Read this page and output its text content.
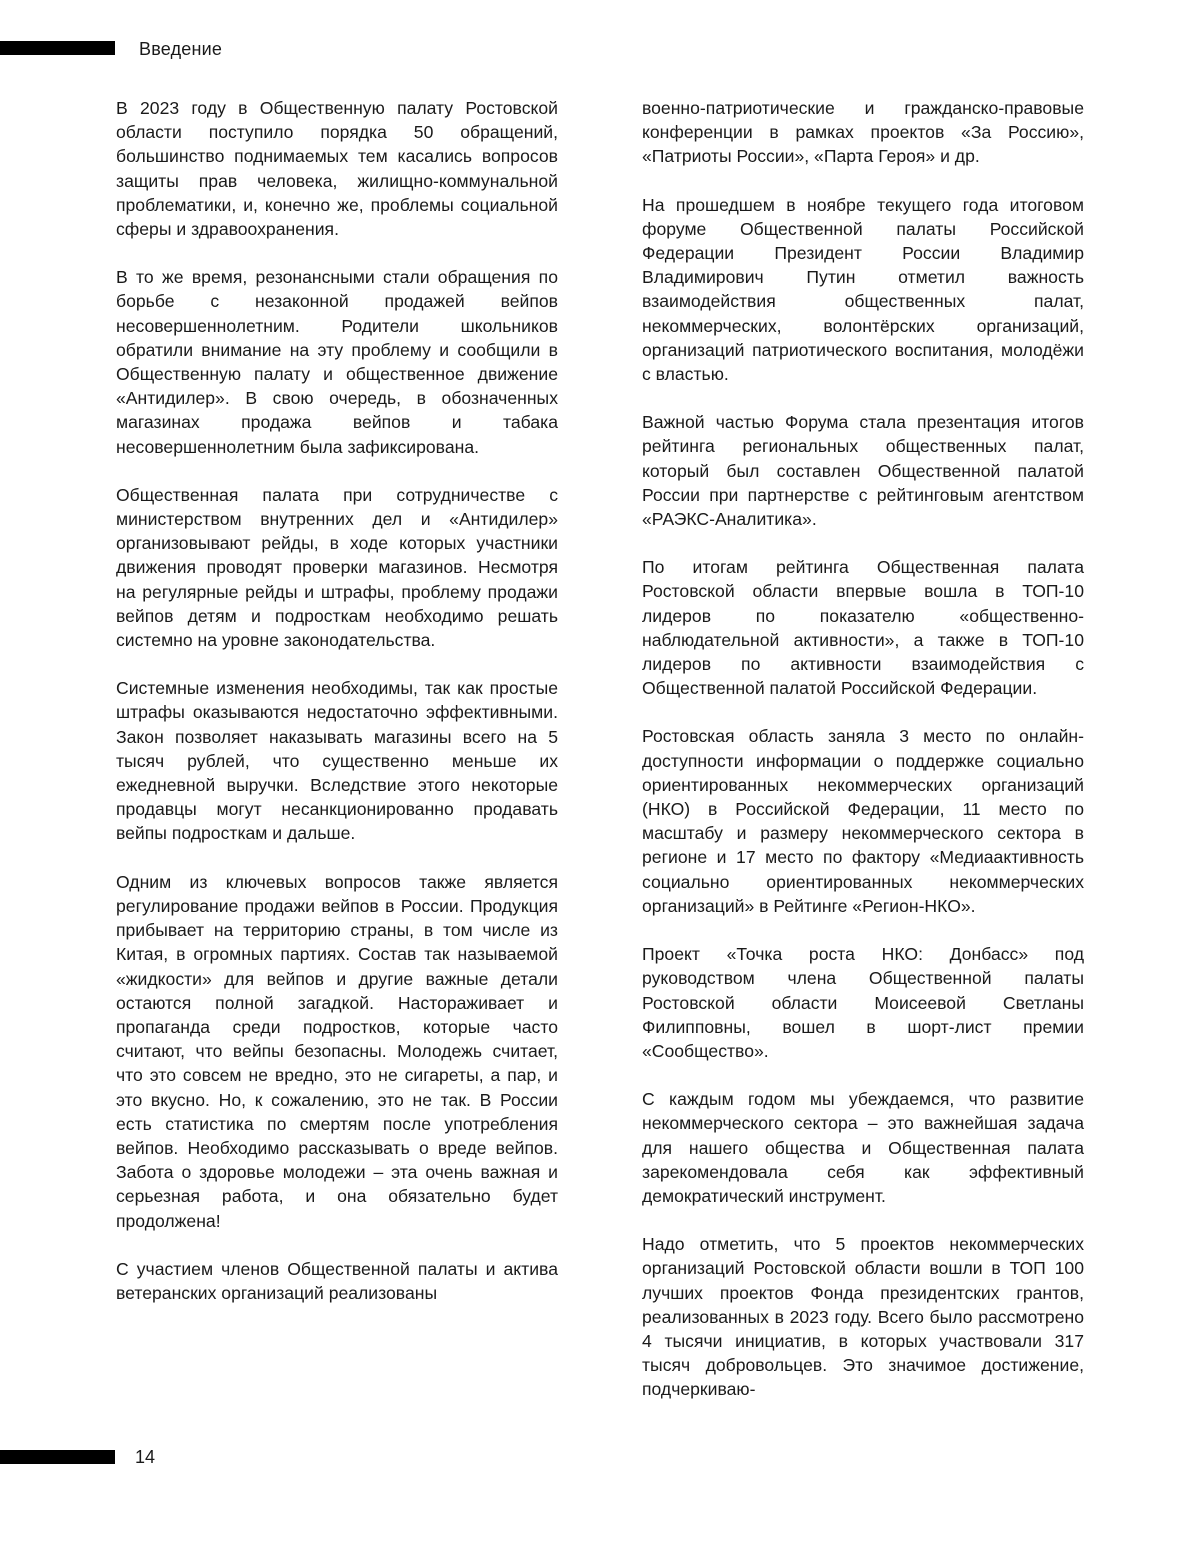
Введение

В 2023 году в Общественную палату Ростовской области поступило порядка 50 обращений, большинство поднимаемых тем касались вопросов защиты прав человека, жилищно-коммунальной проблематики, и, конечно же, проблемы социальной сферы и здравоохранения.

В то же время, резонансными стали обращения по борьбе с незаконной продажей вейпов несовершеннолетним. Родители школьников обратили внимание на эту проблему и сообщили в Общественную палату и общественное движение «Антидилер». В свою очередь, в обозначенных магазинах продажа вейпов и табака несовершеннолетним была зафиксирована.

Общественная палата при сотрудничестве с министерством внутренних дел и «Антидилер» организовывают рейды, в ходе которых участники движения проводят проверки магазинов. Несмотря на регулярные рейды и штрафы, проблему продажи вейпов детям и подросткам необходимо решать системно на уровне законодательства.

Системные изменения необходимы, так как простые штрафы оказываются недостаточно эффективными. Закон позволяет наказывать магазины всего на 5 тысяч рублей, что существенно меньше их ежедневной выручки. Вследствие этого некоторые продавцы могут несанкционированно продавать вейпы подросткам и дальше.

Одним из ключевых вопросов также является регулирование продажи вейпов в России. Продукция прибывает на территорию страны, в том числе из Китая, в огромных партиях. Состав так называемой «жидкости» для вейпов и другие важные детали остаются полной загадкой. Настораживает и пропаганда среди подростков, которые часто считают, что вейпы безопасны. Молодежь считает, что это совсем не вредно, это не сигареты, а пар, и это вкусно. Но, к сожалению, это не так. В России есть статистика по смертям после употребления вейпов. Необходимо рассказывать о вреде вейпов. Забота о здоровье молодежи – эта очень важная и серьезная работа, и она обязательно будет продолжена!

С участием членов Общественной палаты и актива ветеранских организаций реализованы

военно-патриотические и гражданско-правовые конференции в рамках проектов «За Россию», «Патриоты России», «Парта Героя» и др.

На прошедшем в ноябре текущего года итоговом форуме Общественной палаты Российской Федерации Президент России Владимир Владимирович Путин отметил важность взаимодействия общественных палат, некоммерческих, волонтёрских организаций, организаций патриотического воспитания, молодёжи с властью.

Важной частью Форума стала презентация итогов рейтинга региональных общественных палат, который был составлен Общественной палатой России при партнерстве с рейтинговым агентством «РАЭКС-Аналитика».

По итогам рейтинга Общественная палата Ростовской области впервые вошла в ТОП-10 лидеров по показателю «общественно-наблюдательной активности», а также в ТОП-10 лидеров по активности взаимодействия с Общественной палатой Российской Федерации.

Ростовская область заняла 3 место по онлайн-доступности информации о поддержке социально ориентированных некоммерческих организаций (НКО) в Российской Федерации, 11 место по масштабу и размеру некоммерческого сектора в регионе и 17 место по фактору «Медиаактивность социально ориентированных некоммерческих организаций» в Рейтинге «Регион-НКО».

Проект «Точка роста НКО: Донбасс» под руководством члена Общественной палаты Ростовской области Моисеевой Светланы Филипповны, вошел в шорт-лист премии «Сообщество».

С каждым годом мы убеждаемся, что развитие некоммерческого сектора – это важнейшая задача для нашего общества и Общественная палата зарекомендовала себя как эффективный демократический инструмент.

Надо отметить, что 5 проектов некоммерческих организаций Ростовской области вошли в ТОП 100 лучших проектов Фонда президентских грантов, реализованных в 2023 году. Всего было рассмотрено 4 тысячи инициатив, в которых участвовали 317 тысяч добровольцев. Это значимое достижение, подчеркиваю-

14
